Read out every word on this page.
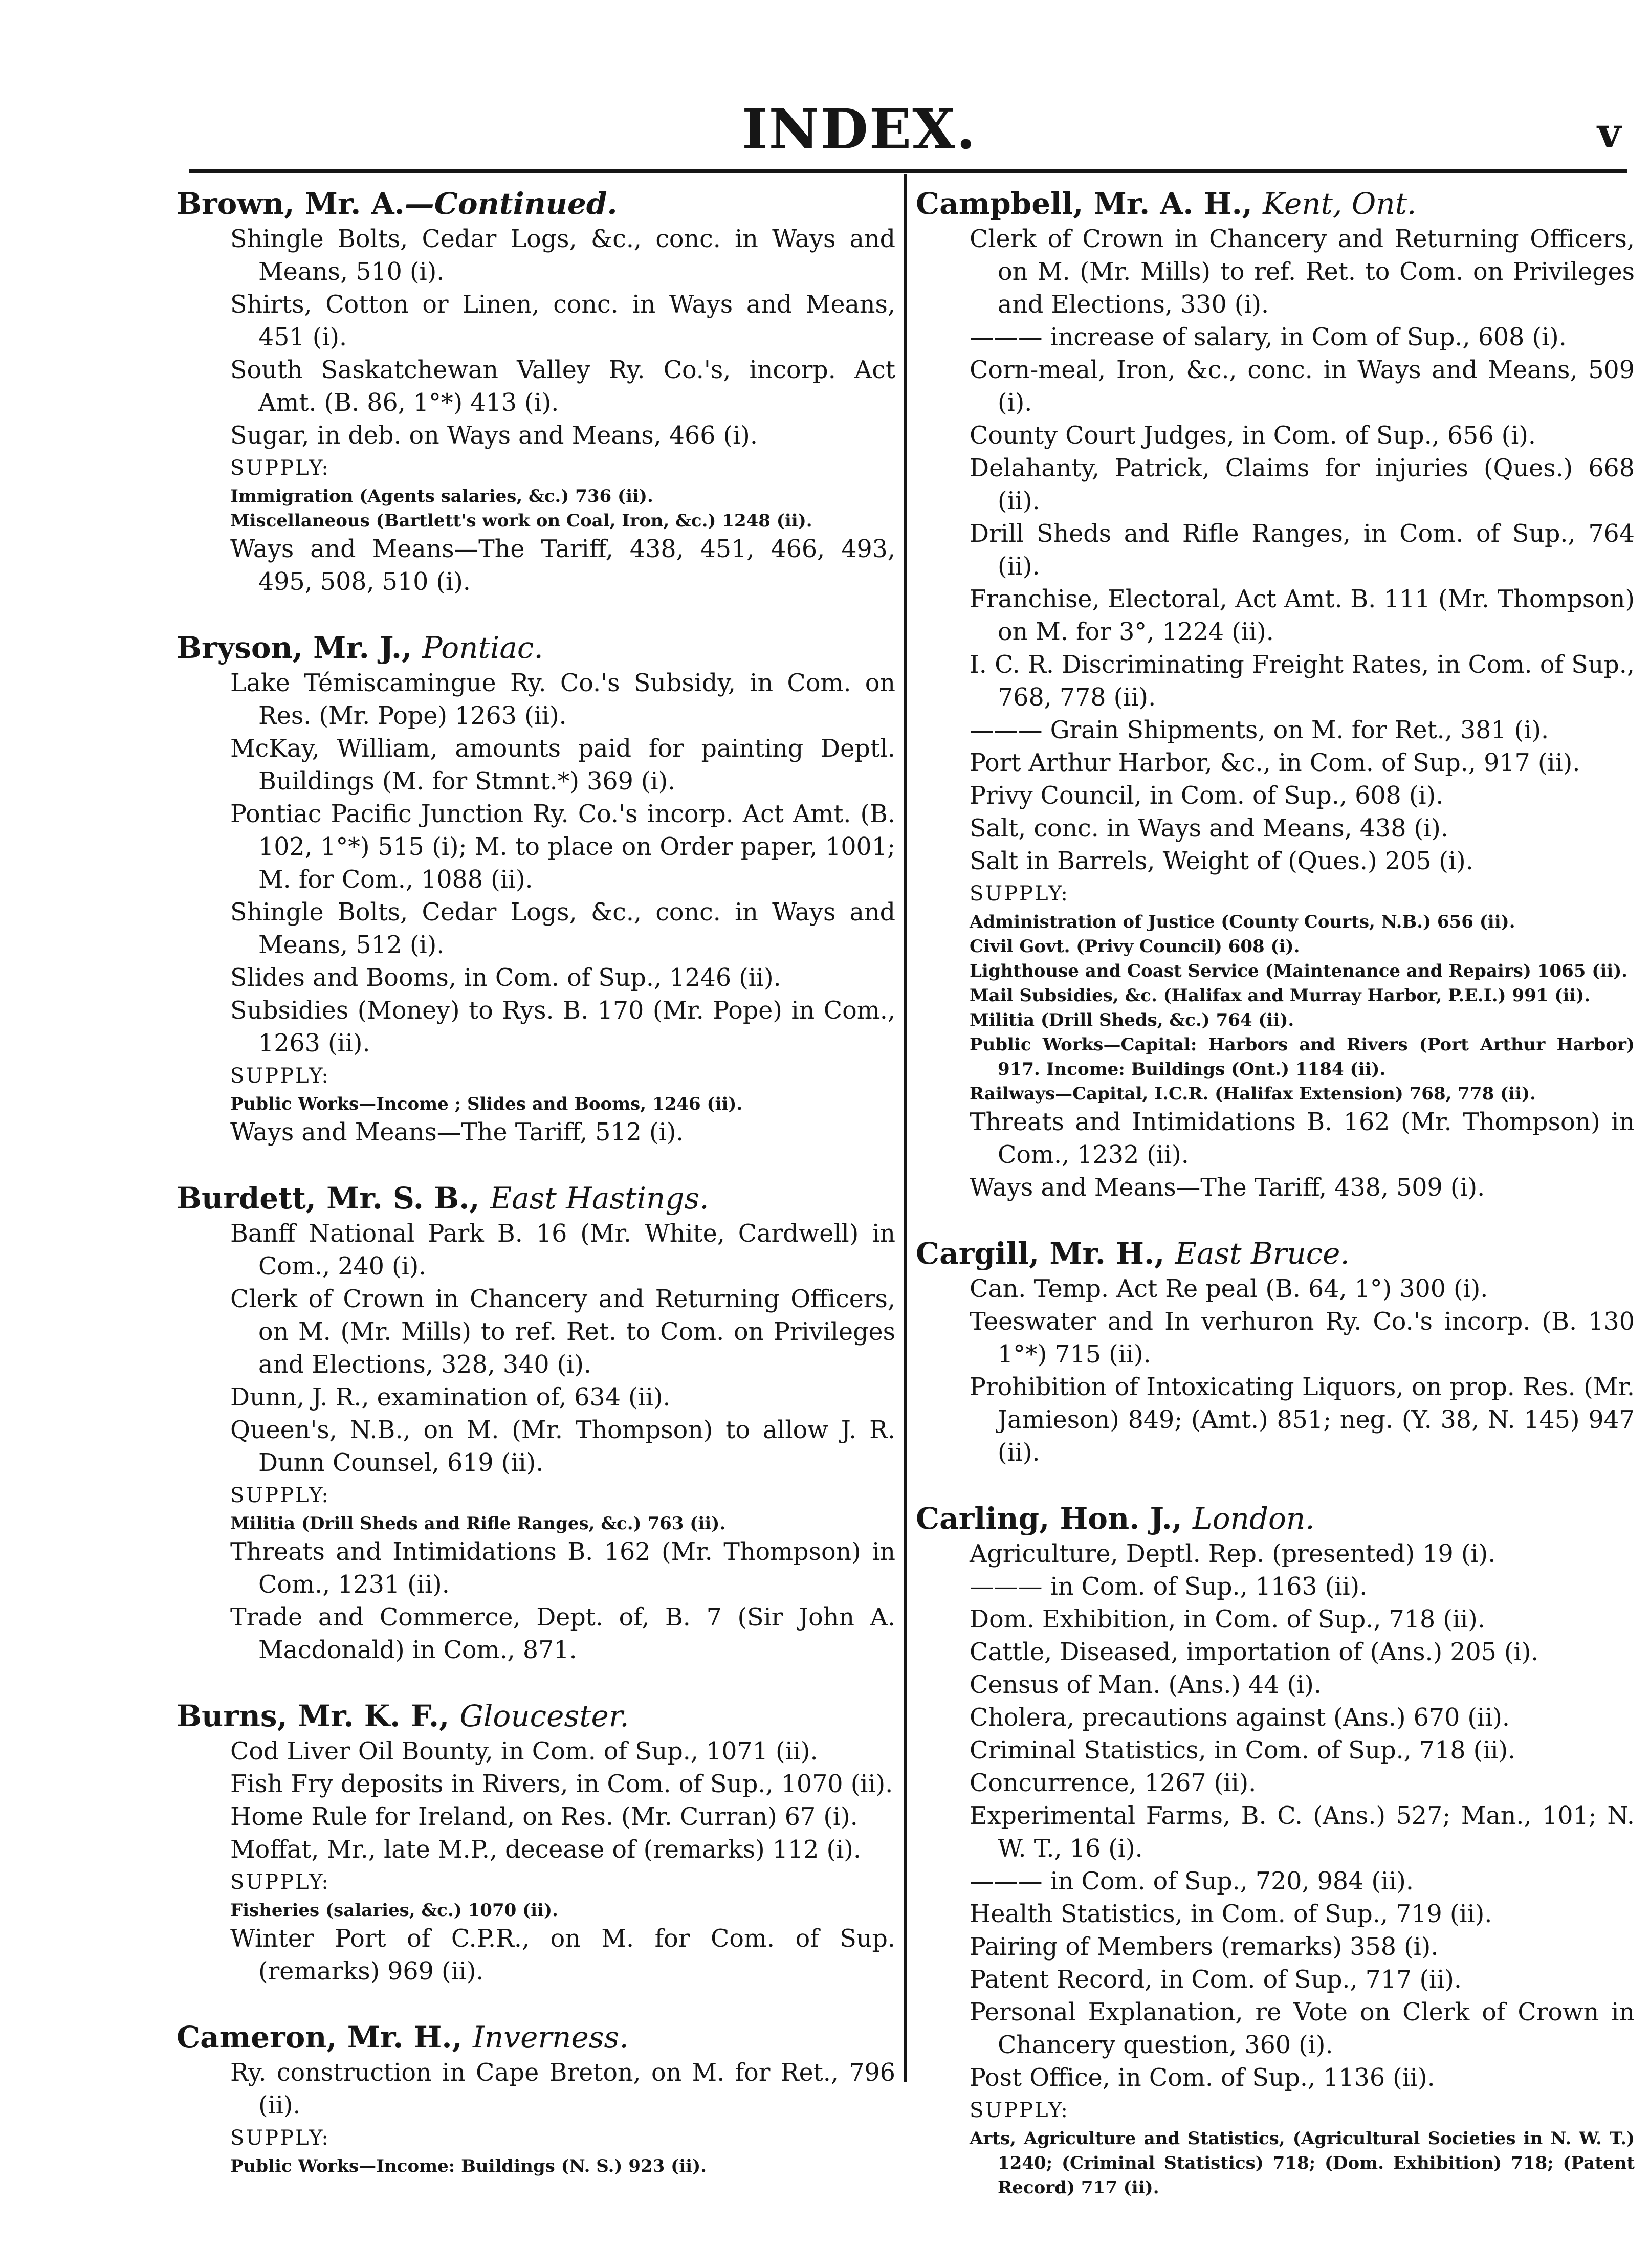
INDEX.	v
Brown, Mr. A.—Continued.
Shingle Bolts, Cedar Logs, &c., conc. in Ways and Means, 510 (i).
Shirts, Cotton or Linen, conc. in Ways and Means, 451 (i).
South Saskatchewan Valley Ry. Co.'s, incorp. Act Amt. (B. 86, 1°*) 413 (i).
Sugar, in deb. on Ways and Means, 466 (i).
SUPPLY:
Immigration (Agents salaries, &c.) 736 (ii).
Miscellaneous (Bartlett's work on Coal, Iron, &c.) 1248 (ii).
Ways and Means—The Tariff, 438, 451, 466, 493, 495, 508, 510 (i).
Bryson, Mr. J., Pontiac.
Lake Témiscamingue Ry. Co.'s Subsidy, in Com. on Res. (Mr. Pope) 1263 (ii).
McKay, William, amounts paid for painting Deptl. Buildings (M. for Stmnt.*) 369 (i).
Pontiac Pacific Junction Ry. Co.'s incorp. Act Amt. (B. 102, 1°*) 515 (i); M. to place on Order paper, 1001; M. for Com., 1088 (ii).
Shingle Bolts, Cedar Logs, &c., conc. in Ways and Means, 512 (i).
Slides and Booms, in Com. of Sup., 1246 (ii).
Subsidies (Money) to Rys. B. 170 (Mr. Pope) in Com., 1263 (ii).
SUPPLY:
Public Works—Income ; Slides and Booms, 1246 (ii).
Ways and Means—The Tariff, 512 (i).
Burdett, Mr. S. B., East Hastings.
Banff National Park B. 16 (Mr. White, Cardwell) in Com., 240 (i).
Clerk of Crown in Chancery and Returning Officers, on M. (Mr. Mills) to ref. Ret. to Com. on Privileges and Elections, 328, 340 (i).
Dunn, J. R., examination of, 634 (ii).
Queen's, N.B., on M. (Mr. Thompson) to allow J. R. Dunn Counsel, 619 (ii).
SUPPLY:
Militia (Drill Sheds and Rifle Ranges, &c.) 763 (ii).
Threats and Intimidations B. 162 (Mr. Thompson) in Com., 1231 (ii).
Trade and Commerce, Dept. of, B. 7 (Sir John A. Macdonald) in Com., 871.
Burns, Mr. K. F., Gloucester.
Cod Liver Oil Bounty, in Com. of Sup., 1071 (ii).
Fish Fry deposits in Rivers, in Com. of Sup., 1070 (ii).
Home Rule for Ireland, on Res. (Mr. Curran) 67 (i).
Moffat, Mr., late M.P., decease of (remarks) 112 (i).
SUPPLY:
Fisheries (salaries, &c.) 1070 (ii).
Winter Port of C.P.R., on M. for Com. of Sup. (remarks) 969 (ii).
Cameron, Mr. H., Inverness.
Ry. construction in Cape Breton, on M. for Ret., 796 (ii).
SUPPLY:
Public Works—Income: Buildings (N. S.) 923 (ii).
Campbell, Mr. A. H., Kent, Ont.
Clerk of Crown in Chancery and Returning Officers, on M. (Mr. Mills) to ref. Ret. to Com. on Privileges and Elections, 330 (i).
——— increase of salary, in Com of Sup., 608 (i).
Corn-meal, Iron, &c., conc. in Ways and Means, 509 (i).
County Court Judges, in Com. of Sup., 656 (i).
Delahanty, Patrick, Claims for injuries (Ques.) 668 (ii).
Drill Sheds and Rifle Ranges, in Com. of Sup., 764 (ii).
Franchise, Electoral, Act Amt. B. 111 (Mr. Thompson) on M. for 3°, 1224 (ii).
I. C. R. Discriminating Freight Rates, in Com. of Sup., 768, 778 (ii).
——— Grain Shipments, on M. for Ret., 381 (i).
Port Arthur Harbor, &c., in Com. of Sup., 917 (ii).
Privy Council, in Com. of Sup., 608 (i).
Salt, conc. in Ways and Means, 438 (i).
Salt in Barrels, Weight of (Ques.) 205 (i).
SUPPLY:
Administration of Justice (County Courts, N.B.) 656 (ii).
Civil Govt. (Privy Council) 608 (i).
Lighthouse and Coast Service (Maintenance and Repairs) 1065 (ii).
Mail Subsidies, &c. (Halifax and Murray Harbor, P.E.I.) 991 (ii).
Militia (Drill Sheds, &c.) 764 (ii).
Public Works—Capital: Harbors and Rivers (Port Arthur Harbor) 917. Income: Buildings (Ont.) 1184 (ii).
Railways—Capital, I.C.R. (Halifax Extension) 768, 778 (ii).
Threats and Intimidations B. 162 (Mr. Thompson) in Com., 1232 (ii).
Ways and Means—The Tariff, 438, 509 (i).
Cargill, Mr. H., East Bruce.
Can. Temp. Act Re peal (B. 64, 1°) 300 (i).
Teeswater and In verhuron Ry. Co.'s incorp. (B. 130 1°*) 715 (ii).
Prohibition of Intoxicating Liquors, on prop. Res. (Mr. Jamieson) 849; (Amt.) 851; neg. (Y. 38, N. 145) 947 (ii).
Carling, Hon. J., London.
Agriculture, Deptl. Rep. (presented) 19 (i).
——— in Com. of Sup., 1163 (ii).
Dom. Exhibition, in Com. of Sup., 718 (ii).
Cattle, Diseased, importation of (Ans.) 205 (i).
Census of Man. (Ans.) 44 (i).
Cholera, precautions against (Ans.) 670 (ii).
Criminal Statistics, in Com. of Sup., 718 (ii).
Concurrence, 1267 (ii).
Experimental Farms, B. C. (Ans.) 527; Man., 101; N. W. T., 16 (i).
——— in Com. of Sup., 720, 984 (ii).
Health Statistics, in Com. of Sup., 719 (ii).
Pairing of Members (remarks) 358 (i).
Patent Record, in Com. of Sup., 717 (ii).
Personal Explanation, re Vote on Clerk of Crown in Chancery question, 360 (i).
Post Office, in Com. of Sup., 1136 (ii).
SUPPLY:
Arts, Agriculture and Statistics, (Agricultural Societies in N. W. T.) 1240; (Criminal Statistics) 718; (Dom. Exhibition) 718; (Patent Record) 717 (ii).
